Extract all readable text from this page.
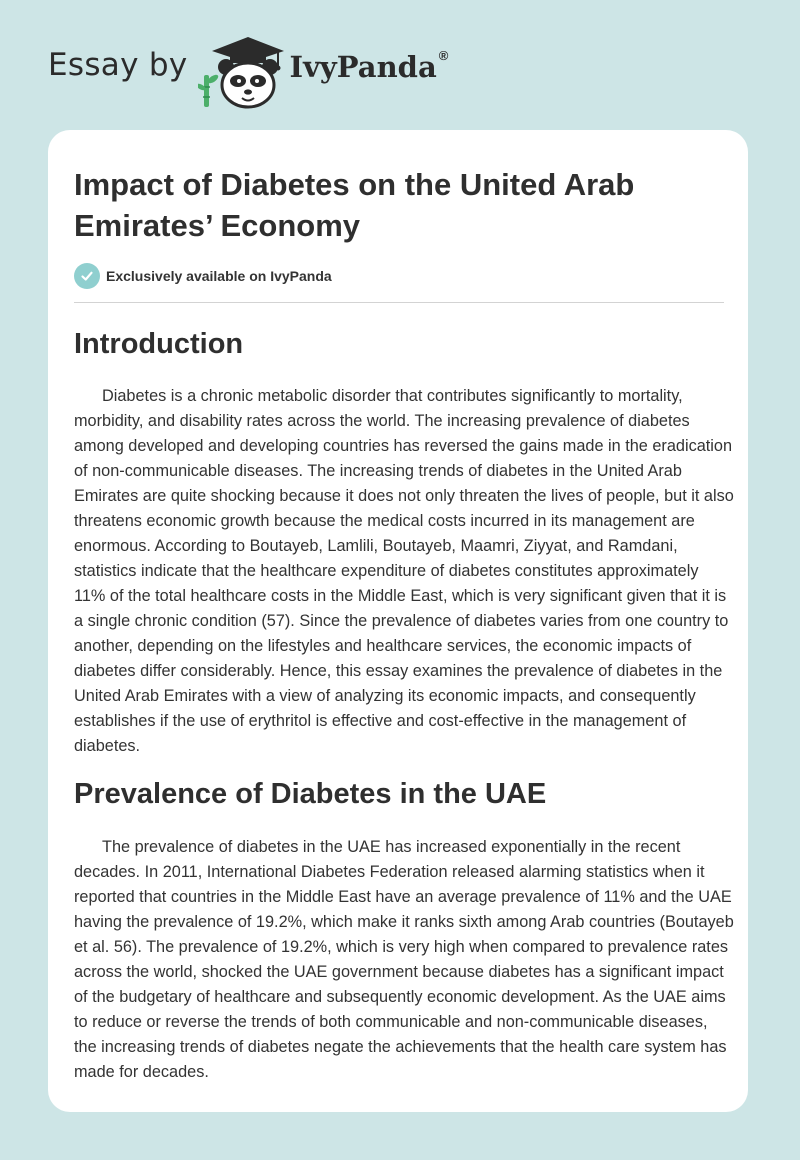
Essay by	IvyPanda ®
Impact of Diabetes on the United Arab Emirates’ Economy
Exclusively available on IvyPanda
Introduction

Diabetes is a chronic metabolic disorder that contributes significantly to mortality, morbidity, and disability rates across the world. The increasing prevalence of diabetes among developed and developing countries has reversed the gains made in the eradication of non-communicable diseases. The increasing trends of diabetes in the United Arab Emirates are quite shocking because it does not only threaten the lives of people, but it also threatens economic growth because the medical costs incurred in its management are enormous. According to Boutayeb, Lamlili, Boutayeb, Maamri, Ziyyat, and Ramdani, statistics indicate that the healthcare expenditure of diabetes constitutes approximately 11% of the total healthcare costs in the Middle East, which is very significant given that it is a single chronic condition (57). Since the prevalence of diabetes varies from one country to another, depending on the lifestyles and healthcare services, the economic impacts of diabetes differ considerably. Hence, this essay examines the prevalence of diabetes in the United Arab Emirates with a view of analyzing its economic impacts, and consequently establishes if the use of erythritol is effective and cost-effective in the management of diabetes.

Prevalence of Diabetes in the UAE

The prevalence of diabetes in the UAE has increased exponentially in the recent decades. In 2011, International Diabetes Federation released alarming statistics when it reported that countries in the Middle East have an average prevalence of 11% and the UAE having the prevalence of 19.2%, which make it ranks sixth among Arab countries (Boutayeb et al. 56). The prevalence of 19.2%, which is very high when compared to prevalence rates across the world, shocked the UAE government because diabetes has a significant impact of the budgetary of healthcare and subsequently economic development. As the UAE aims to reduce or reverse the trends of both communicable and non-communicable diseases, the increasing trends of diabetes negate the achievements that the health care system has made for decades.
